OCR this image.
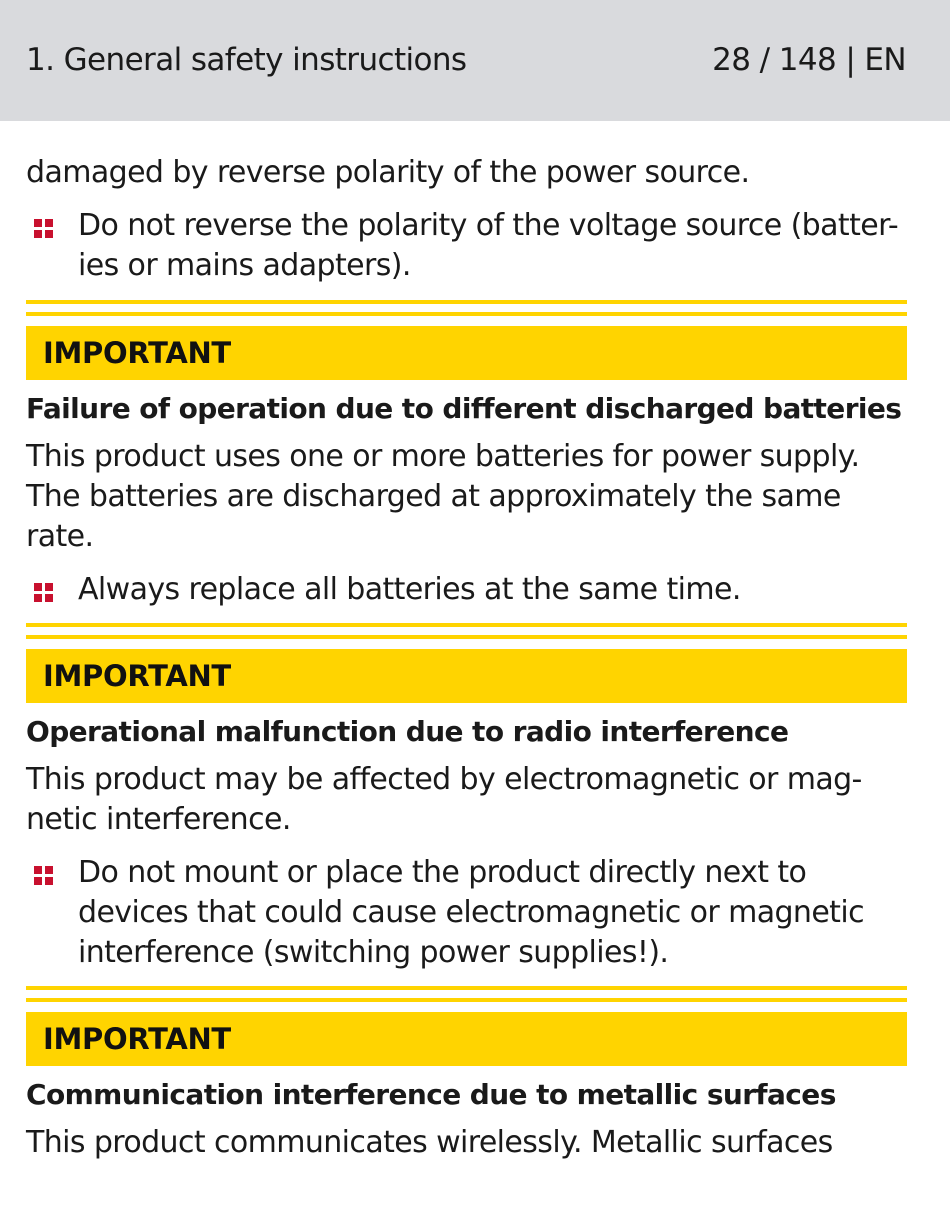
1. General safety instructions	28 / 148 | EN

damaged by reverse polarity of the power source.

Do not reverse the polarity of the voltage source (batter-ies or mains adapters).
IMPORTANT
Failure of operation due to different discharged batteries

This product uses one or more batteries for power supply. The batteries are discharged at approximately the same rate.

Always replace all batteries at the same time.
IMPORTANT
Operational malfunction due to radio interference

This product may be affected by electromagnetic or mag-netic interference.

Do not mount or place the product directly next to devices that could cause electromagnetic or magnetic interference (switching power supplies!).
IMPORTANT
Communication interference due to metallic surfaces

This product communicates wirelessly. Metallic surfaces
